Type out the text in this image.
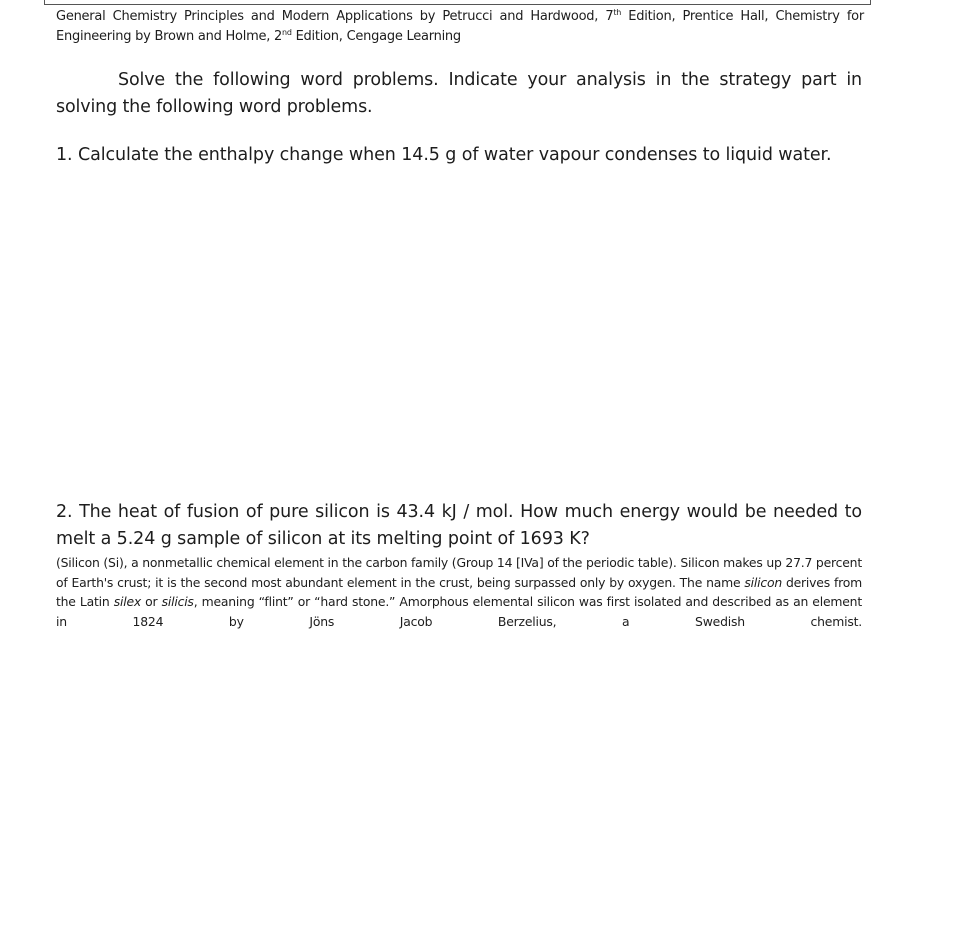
General Chemistry Principles and Modern Applications by Petrucci and Hardwood, 7th Edition, Prentice Hall, Chemistry for Engineering by Brown and Holme, 2nd Edition, Cengage Learning

Solve the following word problems. Indicate your analysis in the strategy part in solving the following word problems.

1. Calculate the enthalpy change when 14.5 g of water vapour condenses to liquid water.

2. The heat of fusion of pure silicon is 43.4 kJ / mol. How much energy would be needed to melt a 5.24 g sample of silicon at its melting point of 1693 K?
(Silicon (Si), a nonmetallic chemical element in the carbon family (Group 14 [IVa] of the periodic table). Silicon makes up 27.7 percent of Earth's crust; it is the second most abundant element in the crust, being surpassed only by oxygen. The name silicon derives from the Latin silex or silicis, meaning “flint” or “hard stone.” Amorphous elemental silicon was first isolated and described as an element in 1824 by Jöns Jacob Berzelius, a Swedish chemist.
